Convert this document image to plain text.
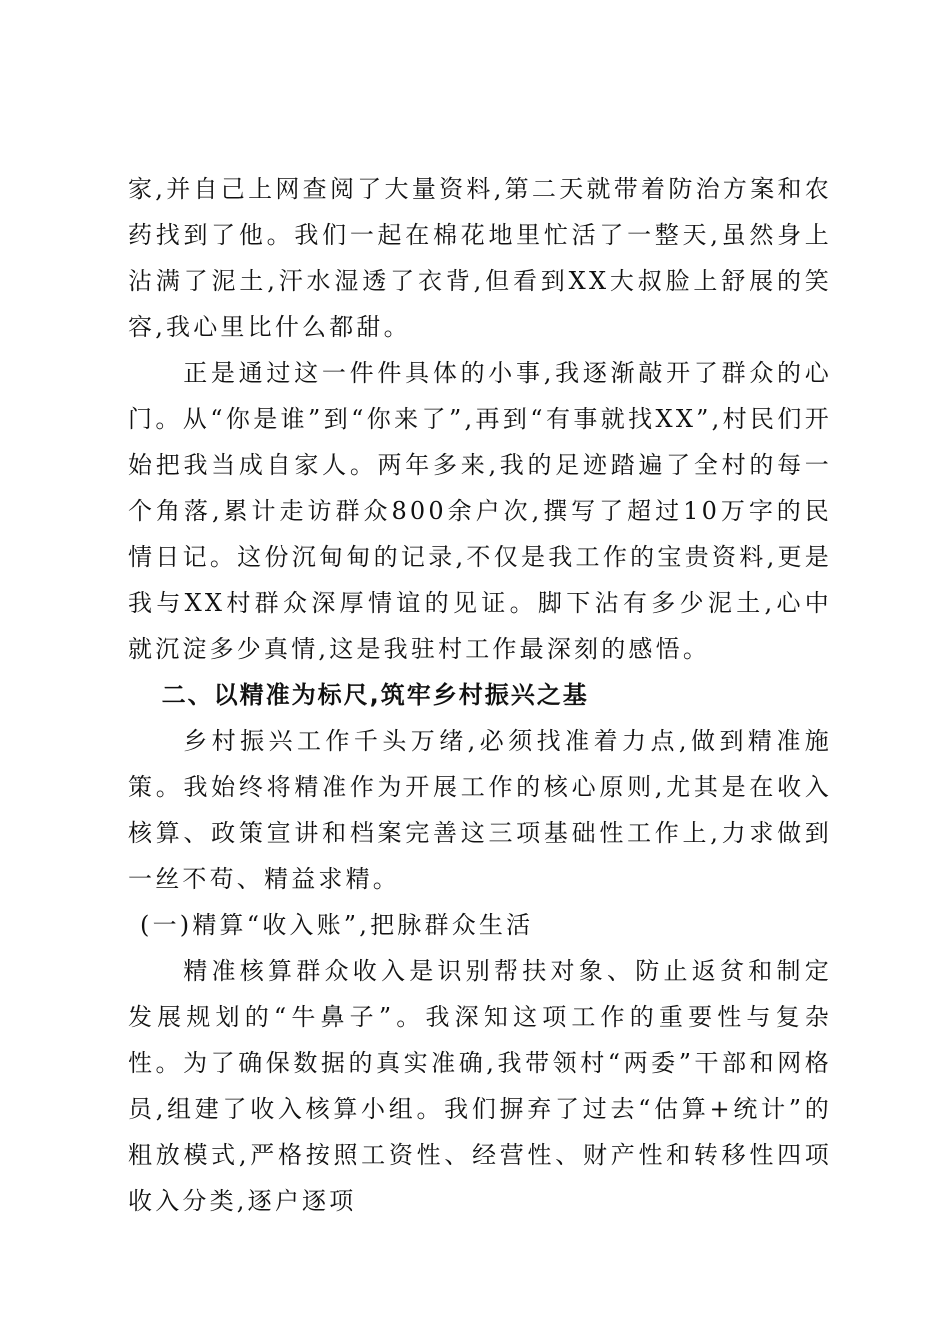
家,并自己上网查阅了大量资料,第二天就带着防治方案和农药找到了他。我们一起在棉花地里忙活了一整天,虽然身上沾满了泥土,汗水湿透了衣背,但看到XX大叔脸上舒展的笑容,我心里比什么都甜。

正是通过这一件件具体的小事,我逐渐敲开了群众的心门。从“你是谁”到“你来了”,再到“有事就找XX”,村民们开始把我当成自家人。两年多来,我的足迹踏遍了全村的每一个角落,累计走访群众800余户次,撰写了超过10万字的民情日记。这份沉甸甸的记录,不仅是我工作的宝贵资料,更是我与XX村群众深厚情谊的见证。脚下沾有多少泥土,心中就沉淀多少真情,这是我驻村工作最深刻的感悟。

二、以精准为标尺,筑牢乡村振兴之基

乡村振兴工作千头万绪,必须找准着力点,做到精准施策。我始终将精准作为开展工作的核心原则,尤其是在收入核算、政策宣讲和档案完善这三项基础性工作上,力求做到一丝不苟、精益求精。

(一)精算“收入账”,把脉群众生活

精准核算群众收入是识别帮扶对象、防止返贫和制定发展规划的“牛鼻子”。我深知这项工作的重要性与复杂性。为了确保数据的真实准确,我带领村“两委”干部和网格员,组建了收入核算小组。我们摒弃了过去“估算+统计”的粗放模式,严格按照工资性、经营性、财产性和转移性四项收入分类,逐户逐项
